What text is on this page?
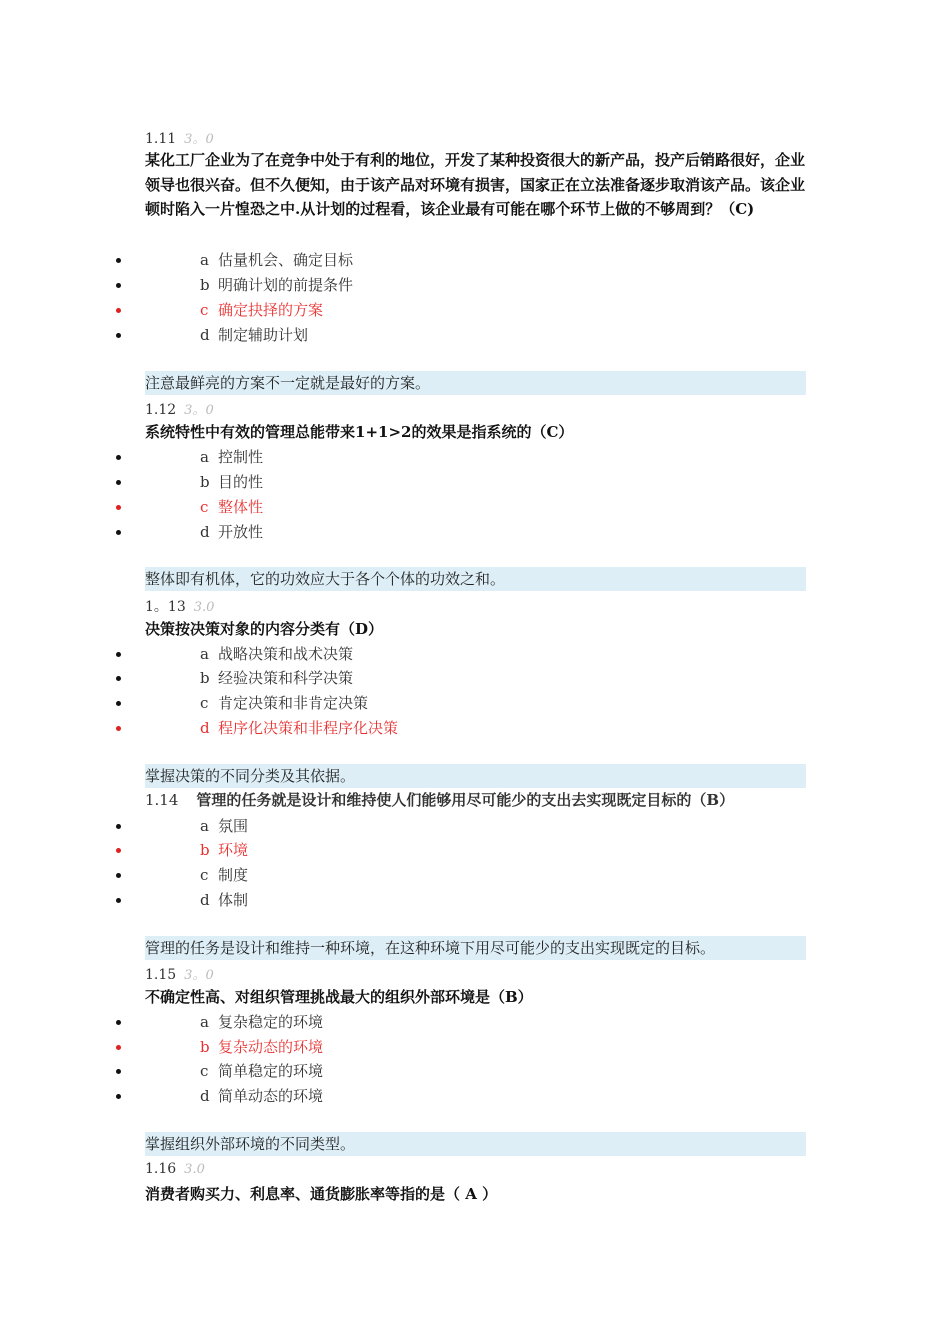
1.11 3。0
某化工厂企业为了在竞争中处于有利的地位，开发了某种投资很大的新产品，投产后销路很好，企业领导也很兴奋。但不久便知，由于该产品对环境有损害，国家正在立法准备逐步取消该产品。该企业顿时陷入一片惶恐之中.从计划的过程看，该企业最有可能在哪个环节上做的不够周到？（C)
a 估量机会、确定目标
b 明确计划的前提条件
c 确定抉择的方案
d 制定辅助计划
注意最鲜亮的方案不一定就是最好的方案。
1.12 3。0
系统特性中有效的管理总能带来1+1>2的效果是指系统的（C）
a 控制性
b 目的性
c 整体性
d 开放性
整体即有机体，它的功效应大于各个个体的功效之和。
1。13 3.0
决策按决策对象的内容分类有（D）
a 战略决策和战术决策
b 经验决策和科学决策
c 肯定决策和非肯定决策
d 程序化决策和非程序化决策
掌握决策的不同分类及其依据。
1.14 管理的任务就是设计和维持使人们能够用尽可能少的支出去实现既定目标的（B）
a 氛围
b 环境
c 制度
d 体制
管理的任务是设计和维持一种环境，在这种环境下用尽可能少的支出实现既定的目标。
1.15 3。0
不确定性高、对组织管理挑战最大的组织外部环境是（B）
a 复杂稳定的环境
b 复杂动态的环境
c 简单稳定的环境
d 简单动态的环境
掌握组织外部环境的不同类型。
1.16 3.0
消费者购买力、利息率、通货膨胀率等指的是（ A ）
